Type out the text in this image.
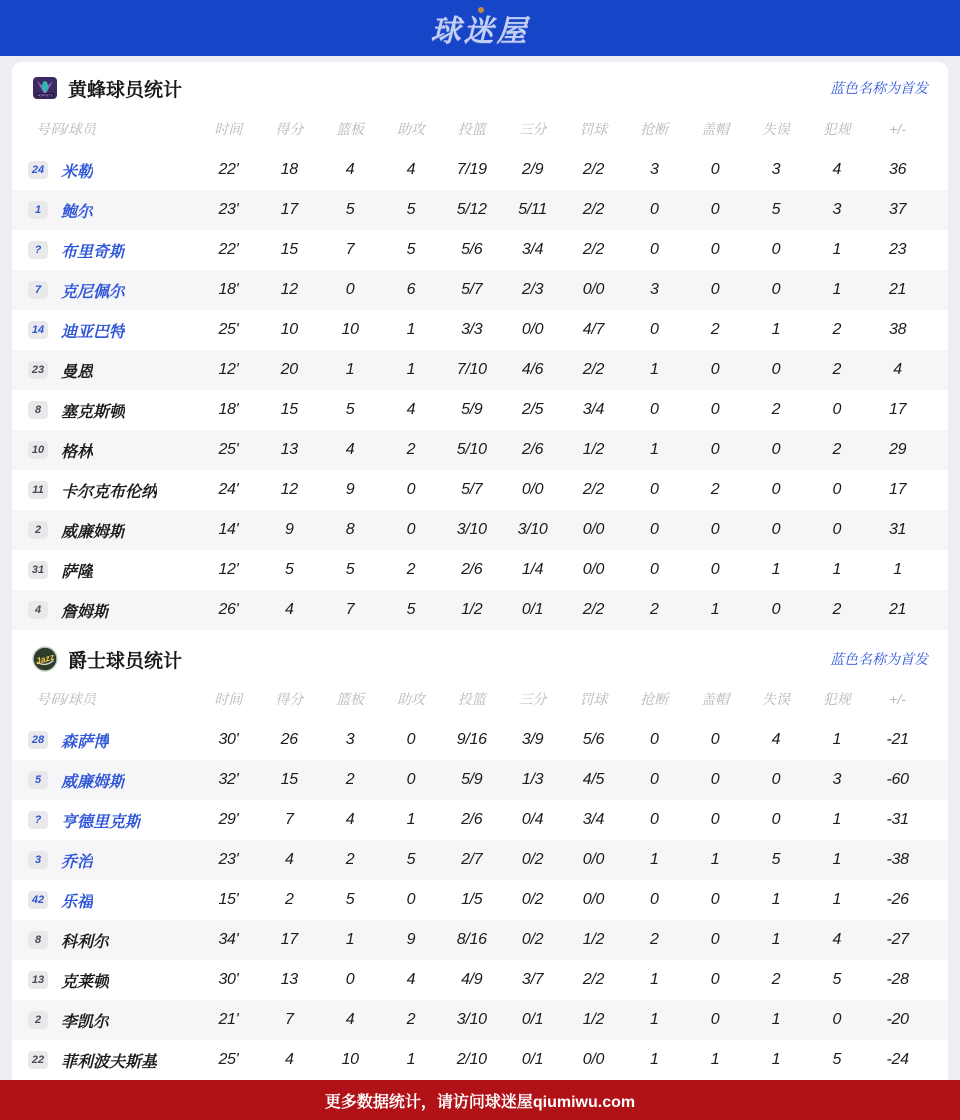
球迷屋
HORNETS 黄蜂球员统计	蓝色名称为首发
号码/球员	时间	得分	篮板	助攻	投篮	三分	罚球	抢断	盖帽	失误	犯规	+/-
24 米勒	22'	18	4	4	7/19	2/9	2/2	3	0	3	4	36
1	鲍尔	23'	17	5	5	5/12	5/11	2/2	0	0	5	3	37
?	布里奇斯	22'	15	7	5	5/6	3/4	2/2	0	0	0	1	23
7	克尼佩尔	18'	12	0	6	5/7	2/3	0/0	3	0	0	1	21
14 迪亚巴特	25'	10	10	1	3/3	0/0	4/7	0	2	1	2	38
23 曼恩	12'	20	1	1	7/10	4/6	2/2	1	0	0	2	4
8	塞克斯顿	18'	15	5	4	5/9	2/5	3/4	0	0	2	0	17
10 格林	25'	13	4	2	5/10	2/6	1/2	1	0	0	2	29
11 卡尔克布伦纳	24'	12	9	0	5/7	0/0	2/2	0	2	0	0	17
2	威廉姆斯	14'	9	8	0	3/10	3/10	0/0	0	0	0	0	31
31 萨隆	12'	5	5	2	2/6	1/4	0/0	0	0	1	1	1
4	詹姆斯	26'	4	7	5	1/2	0/1	2/2	2	1	0	2	21
Jazz 爵士球员统计	蓝色名称为首发
号码/球员	时间	得分	篮板	助攻	投篮	三分	罚球	抢断	盖帽	失误	犯规	+/-
28 森萨博	30'	26	3	0	9/16	3/9	5/6	0	0	4	1	-21
5	威廉姆斯	32'	15	2	0	5/9	1/3	4/5	0	0	0	3	-60
?	亨德里克斯	29'	7	4	1	2/6	0/4	3/4	0	0	0	1	-31
3	乔治	23'	4	2	5	2/7	0/2	0/0	1	1	5	1	-38
42 乐福	15'	2	5	0	1/5	0/2	0/0	0	0	1	1	-26
8	科利尔	34'	17	1	9	8/16	0/2	1/2	2	0	1	4	-27
13 克莱顿	30'	13	0	4	4/9	3/7	2/2	1	0	2	5	-28
2	李凯尔	21'	7	4	2	3/10	0/1	1/2	1	0	1	0	-20
22 菲利波夫斯基	25'	4	10	1	2/10	0/1	0/0	1	1	1	5	-24
更多数据统计，请访问球迷屋qiumiwu.com
